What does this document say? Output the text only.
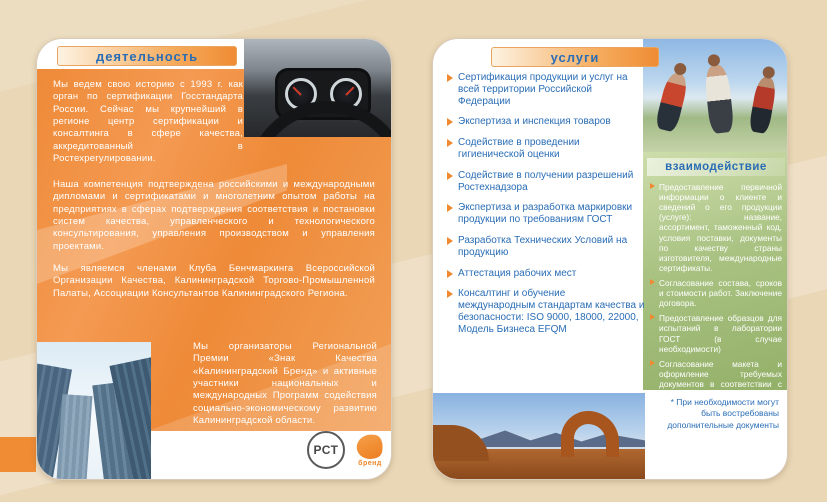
деятельность

Мы ведем свою историю с 1993 г. как орган по сертификации Госстандарта России. Сейчас мы крупнейший в регионе центр сертификации и консалтинга в сфере качества, аккредитованный в Ростехрегулировании.

Наша компетенция подтверждена российскими и международными дипломами и сертификатами и многолетним опытом работы на предприятиях в сферах подтверждения соответствия и постановки систем качества, управленческого и технологического консультирования, управления производством и управления проектами.

Мы являемся членами Клуба Бенчмаркинга Всероссийской Организации Качества, Калининградской Торгово-Промышленной Палаты, Ассоциации Консультантов Калининградского Региона.

Мы организаторы Региональной Премии «Знак Качества «Калининградский Бренд» и активные участники национальных и международных Программ содействия социально-экономическому развитию Калининградской области.

РСТ
бренд
услуги
Сертификация продукции и услуг на всей территории Российской Федерации
Экспертиза и инспекция товаров
Содействие в проведении гигиенической оценки
Содействие в получении разрешений Ростехнадзора
Экспертиза и разработка маркировки продукции по требованиям ГОСТ
Разработка Технических Условий на продукцию
Аттестация рабочих мест
Консалтинг и обучение международным стандартам качества и безопасности: ISO 9000, 18000, 22000, Модель Бизнеса EFQM
взаимодействие
Предоставление первичной информации о клиенте и сведений о его продукции (услуге): название, ассортимент, таможенный код, условия поставки, документы по качеству страны изготовителя, международные сертификаты.
Согласование состава, сроков и стоимости работ. Заключение договора.
Предоставление образцов для испытаний в лаборатории ГОСТ (в случае необходимости)
Согласование макета и оформление требуемых документов в соответствии с видом услуги.
* При необходимости могут быть востребованы дополнительные документы
